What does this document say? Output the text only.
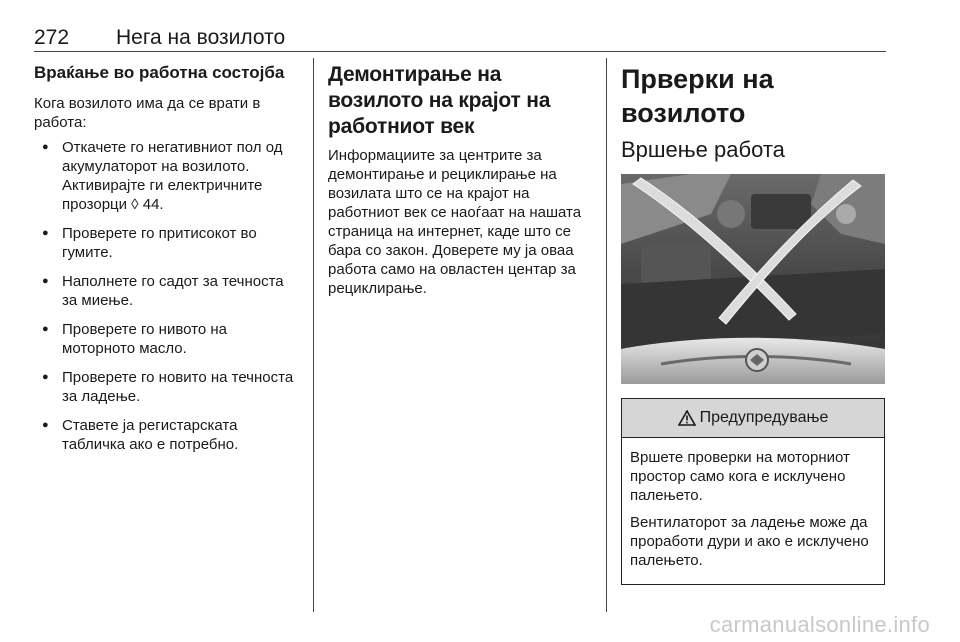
272 Нега на возилото
Враќање во работна состојба

Кога возилото има да се врати в работа:

● Откачете го негативниот пол од акумулаторот на возилото. Активирајте ги електричните прозорци ◊ 44.
● Проверете го притисокот во гумите.
● Наполнете го садот за течноста за миење.
● Проверете го нивото на моторното масло.
● Проверете го новито на течноста за ладење.
● Ставете ја регистарската табличка ако е потребно.
Демонтирање на возилото на крајот на работниот век

Информациите за центрите за демонтирање и рециклирање на возилата што се на крајот на работниот век се наоѓаат на нашата страница на интернет, каде што се бара со закон. Доверете му ја оваа работа само на овластен центар за рециклирање.

Прверки на возилото
Вршење работа
Предупредување

Вршете проверки на моторниот простор само кога е исклучено палењето.

Вентилаторот за ладење може да проработи дури и ако е исклучено палењето.

carmanualsonline.info
